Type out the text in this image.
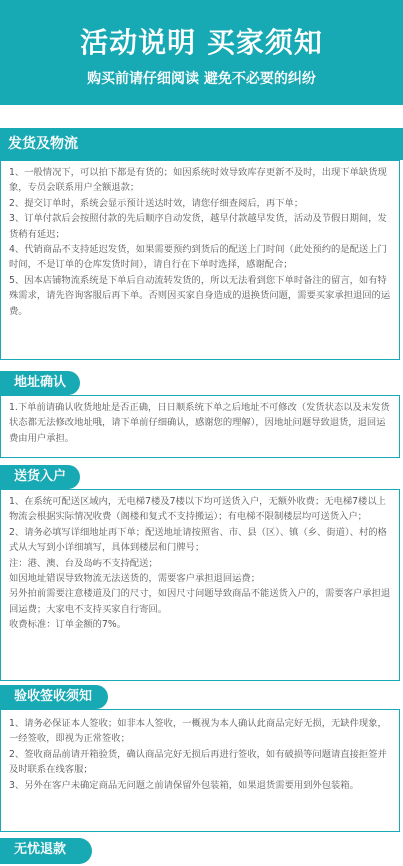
活动说明 买家须知
购买前请仔细阅读 避免不必要的纠纷
发货及物流

1、一般情况下，可以拍下都是有货的；如因系统时效导致库存更新不及时，出现下单缺货现象，专员会联系用户全额退款；

2、提交订单时，系统会显示预计送达时效，请您仔细查阅后，再下单；

3、订单付款后会按照付款的先后顺序自动发货，越早付款越早发货，活动及节假日期间，发货稍有延迟；

4、代销商品不支持延迟发货，如果需要预约到货后的配送上门时间（此处预约的是配送上门时间，不是订单的仓库发货时间），请自行在下单时选择，感谢配合；

5、因本店铺物流系统是下单后自动流转发货的，所以无法看到您下单时备注的留言，如有特殊需求，请先咨询客服后再下单。否则因买家自身造成的退换货问题，需要买家承担退回的运费。

地址确认

1.下单前请确认收货地址是否正确，日日顺系统下单之后地址不可修改（发货状态以及未发货状态都无法修改地址哦，请下单前仔细确认，感谢您的理解），因地址问题导致退货，退回运费由用户承担。

送货入户

1、在系统可配送区域内，无电梯7楼及7楼以下均可送货入户，无额外收费；无电梯7楼以上物流会根据实际情况收费（阁楼和复式不支持搬运）；有电梯不限制楼层均可送货入户；

2、请务必填写详细地址再下单；配送地址请按照省、市、县（区）、镇（乡、街道）、村的格式从大写到小详细填写，具体到楼层和门牌号；

注：港、澳、台及岛屿不支持配送；

如因地址错误导致物流无法送货的，需要客户承担退回运费；

另外拍前需要注意楼道及门的尺寸，如因尺寸问题导致商品不能送货入户的，需要客户承担退回运费；大家电不支持买家自行寄回。

收费标准：订单金额的7%。

验收签收须知

1、请务必保证本人签收；如非本人签收，一概视为本人确认此商品完好无损，无缺件现象，一经签收，即视为正常签收；

2、签收商品前请开箱验货，确认商品完好无损后再进行签收，如有破损等问题请直接拒签并及时联系在线客服；

3、另外在客户未确定商品无问题之前请保留外包装箱，如果退货需要用到外包装箱。

无忧退款
